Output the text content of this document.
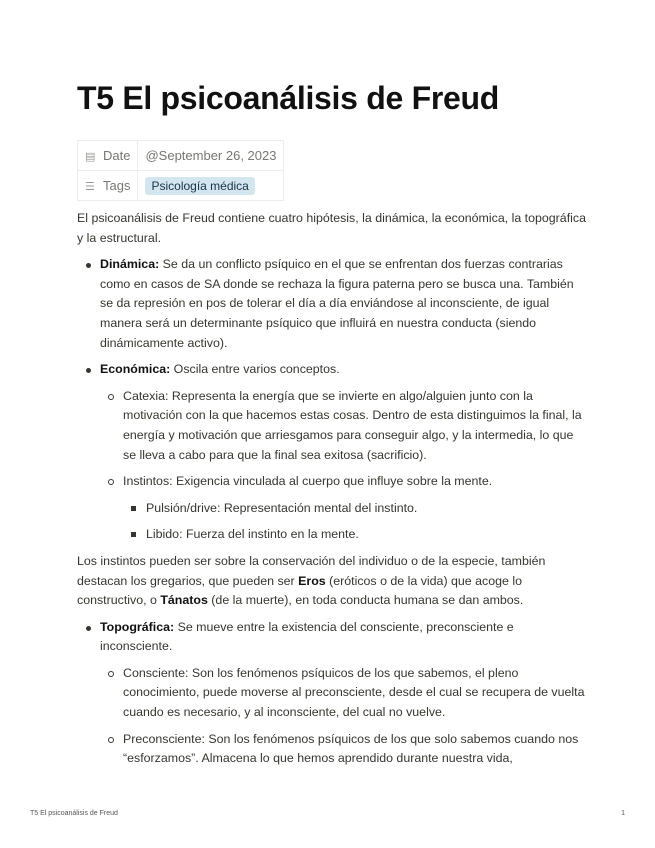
T5 El psicoanálisis de Freud
▤ Date	@September 26, 2023
☰ Tags	Psicología médica

El psicoanálisis de Freud contiene cuatro hipótesis, la dinámica, la económica, la topográfica y la estructural.

Dinámica: Se da un conflicto psíquico en el que se enfrentan dos fuerzas contrarias como en casos de SA donde se rechaza la figura paterna pero se busca una. También se da represión en pos de tolerar el día a día enviándose al inconsciente, de igual manera será un determinante psíquico que influirá en nuestra conducta (siendo dinámicamente activo).
Económica: Oscila entre varios conceptos.
Catexia: Representa la energía que se invierte en algo/alguien junto con la motivación con la que hacemos estas cosas. Dentro de esta distinguimos la final, la energía y motivación que arriesgamos para conseguir algo, y la intermedia, lo que se lleva a cabo para que la final sea exitosa (sacrificio).
Instintos: Exigencia vinculada al cuerpo que influye sobre la mente.
Pulsión/drive: Representación mental del instinto.
Libido: Fuerza del instinto en la mente.

Los instintos pueden ser sobre la conservación del individuo o de la especie, también destacan los gregarios, que pueden ser Eros (eróticos o de la vida) que acoge lo constructivo, o Tánatos (de la muerte), en toda conducta humana se dan ambos.

Topográfica: Se mueve entre la existencia del consciente, preconsciente e inconsciente.
Consciente: Son los fenómenos psíquicos de los que sabemos, el pleno conocimiento, puede moverse al preconsciente, desde el cual se recupera de vuelta cuando es necesario, y al inconsciente, del cual no vuelve.
Preconsciente: Son los fenómenos psíquicos de los que solo sabemos cuando nos “esforzamos”. Almacena lo que hemos aprendido durante nuestra vida,
T5 El psicoanálisis de Freud	1
